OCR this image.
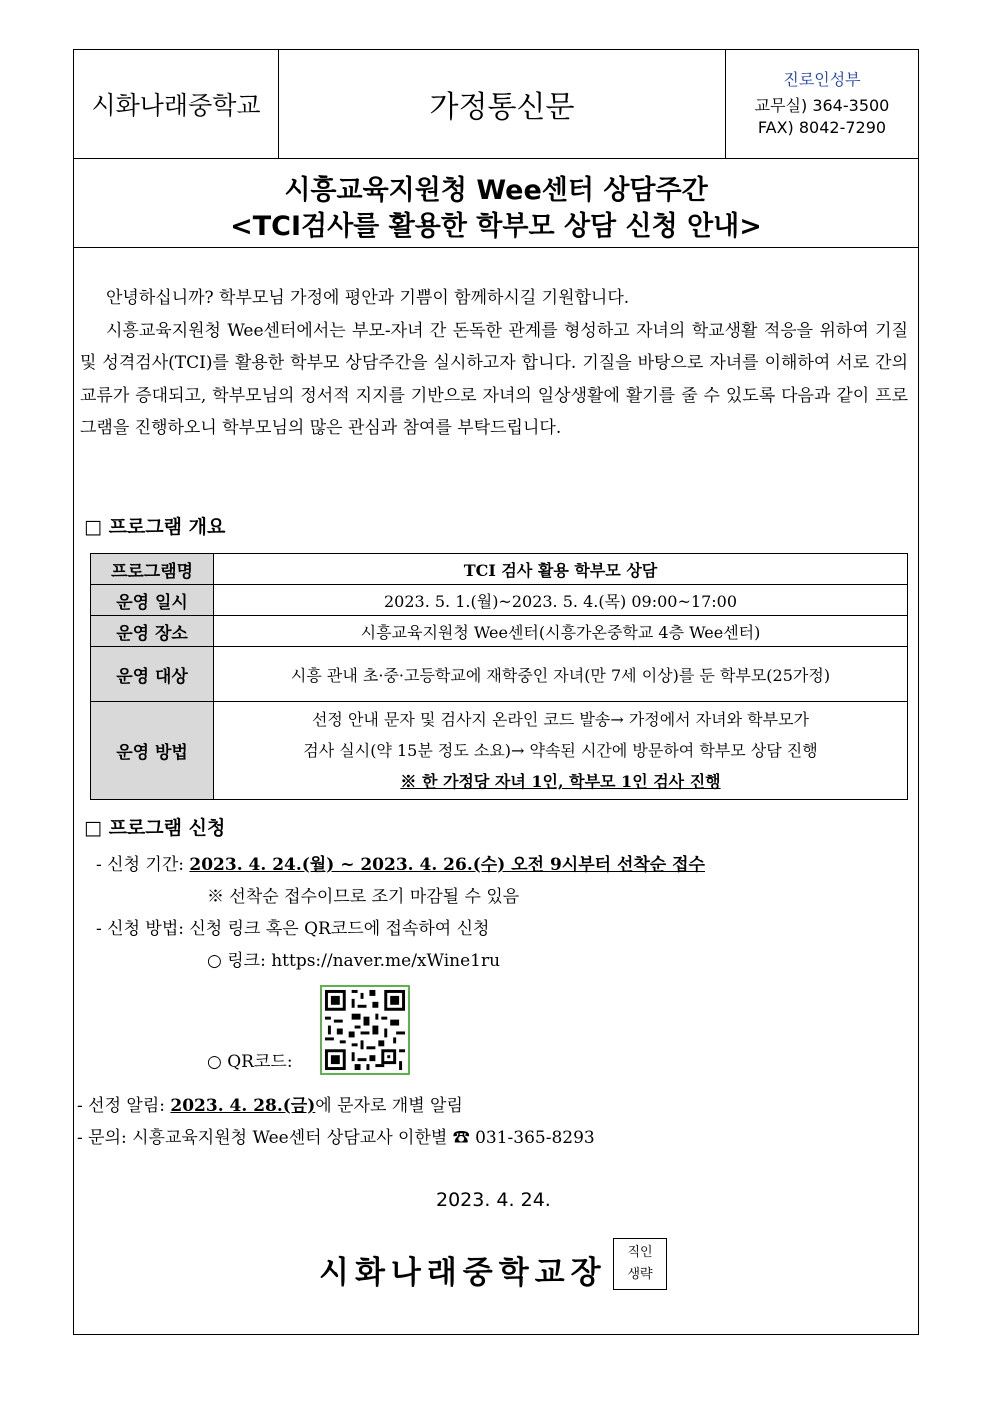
시화나래중학교	가정통신문
진로인성부
교무실) 364-3500
FAX) 8042-7290
시흥교육지원청 Wee센터 상담주간
<TCI검사를 활용한 학부모 상담 신청 안내>

안녕하십니까? 학부모님 가정에 평안과 기쁨이 함께하시길 기원합니다.

시흥교육지원청 Wee센터에서는 부모-자녀 간 돈독한 관계를 형성하고 자녀의 학교생활 적응을 위하여 기질 및 성격검사(TCI)를 활용한 학부모 상담주간을 실시하고자 합니다. 기질을 바탕으로 자녀를 이해하여 서로 간의 교류가 증대되고, 학부모님의 정서적 지지를 기반으로 자녀의 일상생활에 활기를 줄 수 있도록 다음과 같이 프로그램을 진행하오니 학부모님의 많은 관심과 참여를 부탁드립니다.

□ 프로그램 개요
프로그램명	TCI 검사 활용 학부모 상담
운영 일시	2023. 5. 1.(월)~2023. 5. 4.(목) 09:00~17:00
운영 장소	시흥교육지원청 Wee센터(시흥가온중학교 4층 Wee센터)
운영 대상	시흥 관내 초·중·고등학교에 재학중인 자녀(만 7세 이상)를 둔 학부모(25가정)
운영 방법	선정 안내 문자 및 검사지 온라인 코드 발송→ 가정에서 자녀와 학부모가
검사 실시(약 15분 정도 소요)→ 약속된 시간에 방문하여 학부모 상담 진행
※ 한 가정당 자녀 1인, 학부모 1인 검사 진행
□ 프로그램 신청
- 신청 기간: 2023. 4. 24.(월) ~ 2023. 4. 26.(수) 오전 9시부터 선착순 접수
※ 선착순 접수이므로 조기 마감될 수 있음
- 신청 방법: 신청 링크 혹은 QR코드에 접속하여 신청
○ 링크: https://naver.me/xWine1ru
○ QR코드:
- 선정 알림: 2023. 4. 28.(금)에 문자로 개별 알림
- 문의: 시흥교육지원청 Wee센터 상담교사 이한별 ☎ 031-365-8293
2023. 4. 24.
시화나래중학교장
직인
생략
